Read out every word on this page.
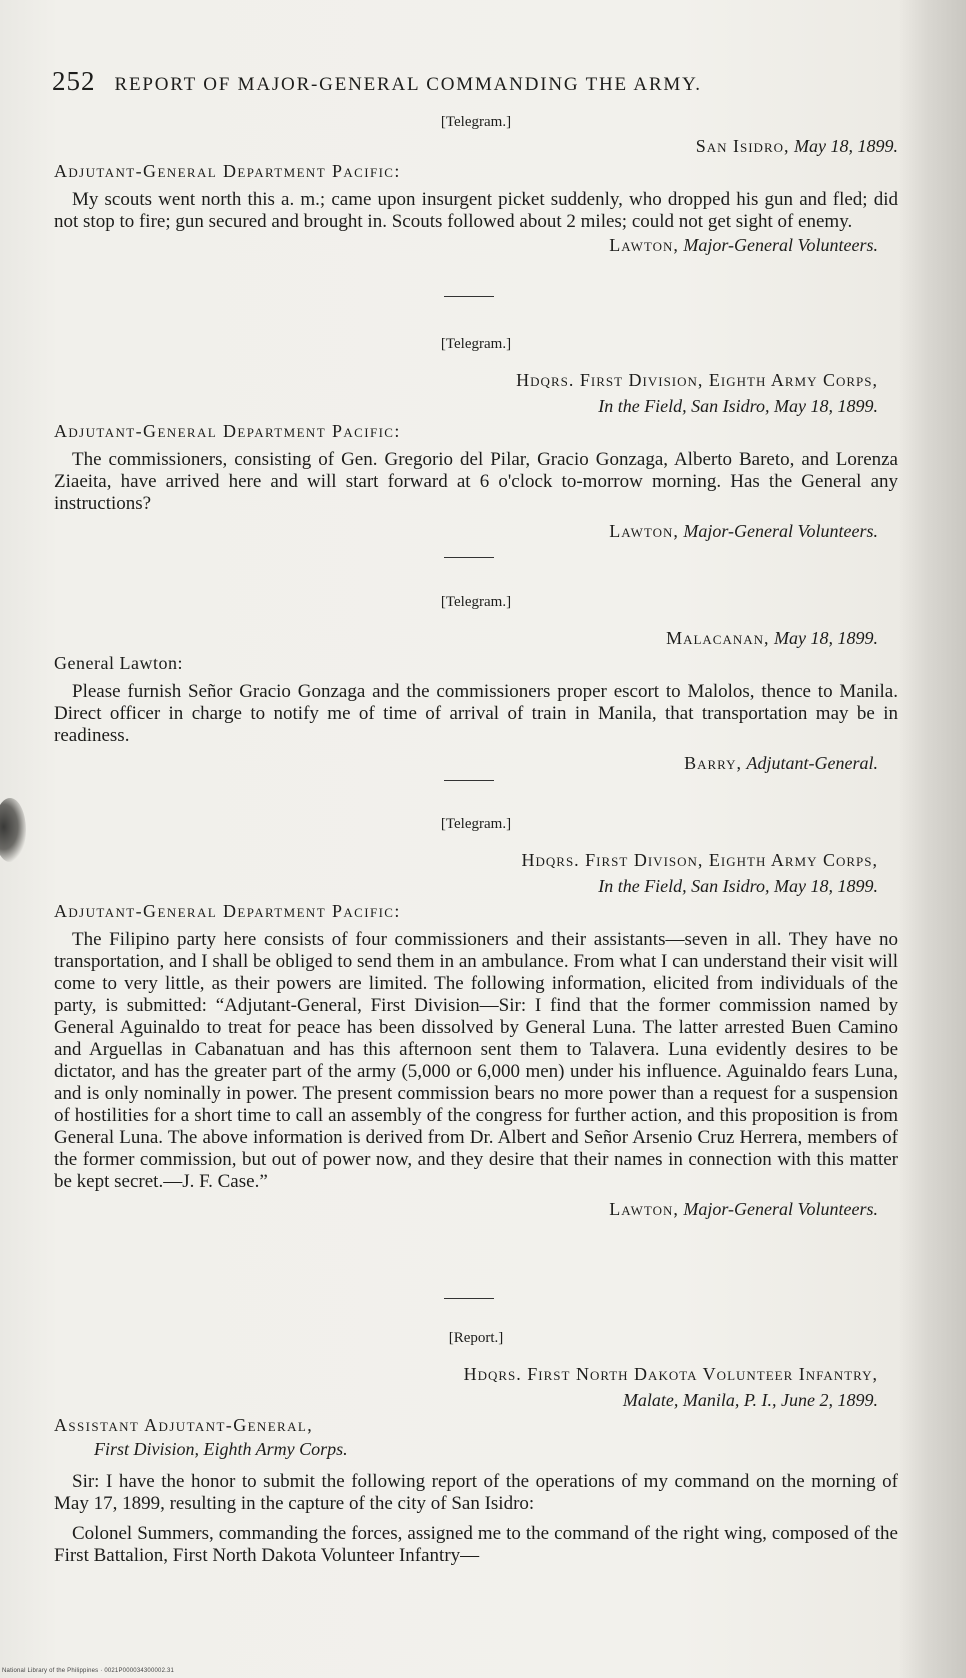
252 REPORT OF MAJOR-GENERAL COMMANDING THE ARMY.
[Telegram.]
San Isidro, May 18, 1899.
Adjutant-General Department Pacific:

My scouts went north this a. m.; came upon insurgent picket suddenly, who dropped his gun and fled; did not stop to fire; gun secured and brought in. Scouts followed about 2 miles; could not get sight of enemy.

Lawton, Major-General Volunteers.
[Telegram.]
Hdqrs. First Division, Eighth Army Corps,
In the Field, San Isidro, May 18, 1899.
Adjutant-General Department Pacific:

The commissioners, consisting of Gen. Gregorio del Pilar, Gracio Gonzaga, Alberto Bareto, and Lorenza Ziaeita, have arrived here and will start forward at 6 o'clock to-morrow morning. Has the General any instructions?

Lawton, Major-General Volunteers.
[Telegram.]
Malacanan, May 18, 1899.
General Lawton:

Please furnish Señor Gracio Gonzaga and the commissioners proper escort to Malolos, thence to Manila. Direct officer in charge to notify me of time of arrival of train in Manila, that transportation may be in readiness.

Barry, Adjutant-General.
[Telegram.]
Hdqrs. First Divison, Eighth Army Corps,
In the Field, San Isidro, May 18, 1899.
Adjutant-General Department Pacific:

The Filipino party here consists of four commissioners and their assistants—seven in all. They have no transportation, and I shall be obliged to send them in an ambulance. From what I can understand their visit will come to very little, as their powers are limited. The following information, elicited from individuals of the party, is submitted: “Adjutant-General, First Division—Sir: I find that the former commission named by General Aguinaldo to treat for peace has been dissolved by General Luna. The latter arrested Buen Camino and Arguellas in Cabanatuan and has this afternoon sent them to Talavera. Luna evidently desires to be dictator, and has the greater part of the army (5,000 or 6,000 men) under his influence. Aguinaldo fears Luna, and is only nominally in power. The present commission bears no more power than a request for a suspension of hostilities for a short time to call an assembly of the congress for further action, and this proposition is from General Luna. The above information is derived from Dr. Albert and Señor Arsenio Cruz Herrera, members of the former commission, but out of power now, and they desire that their names in connection with this matter be kept secret.—J. F. Case.”

Lawton, Major-General Volunteers.
[Report.]
Hdqrs. First North Dakota Volunteer Infantry,
Malate, Manila, P. I., June 2, 1899.
Assistant Adjutant-General,
First Division, Eighth Army Corps.

Sir: I have the honor to submit the following report of the operations of my command on the morning of May 17, 1899, resulting in the capture of the city of San Isidro:

Colonel Summers, commanding the forces, assigned me to the command of the right wing, composed of the First Battalion, First North Dakota Volunteer Infantry—

National Library of the Philippines · 0021P000034300002.31
